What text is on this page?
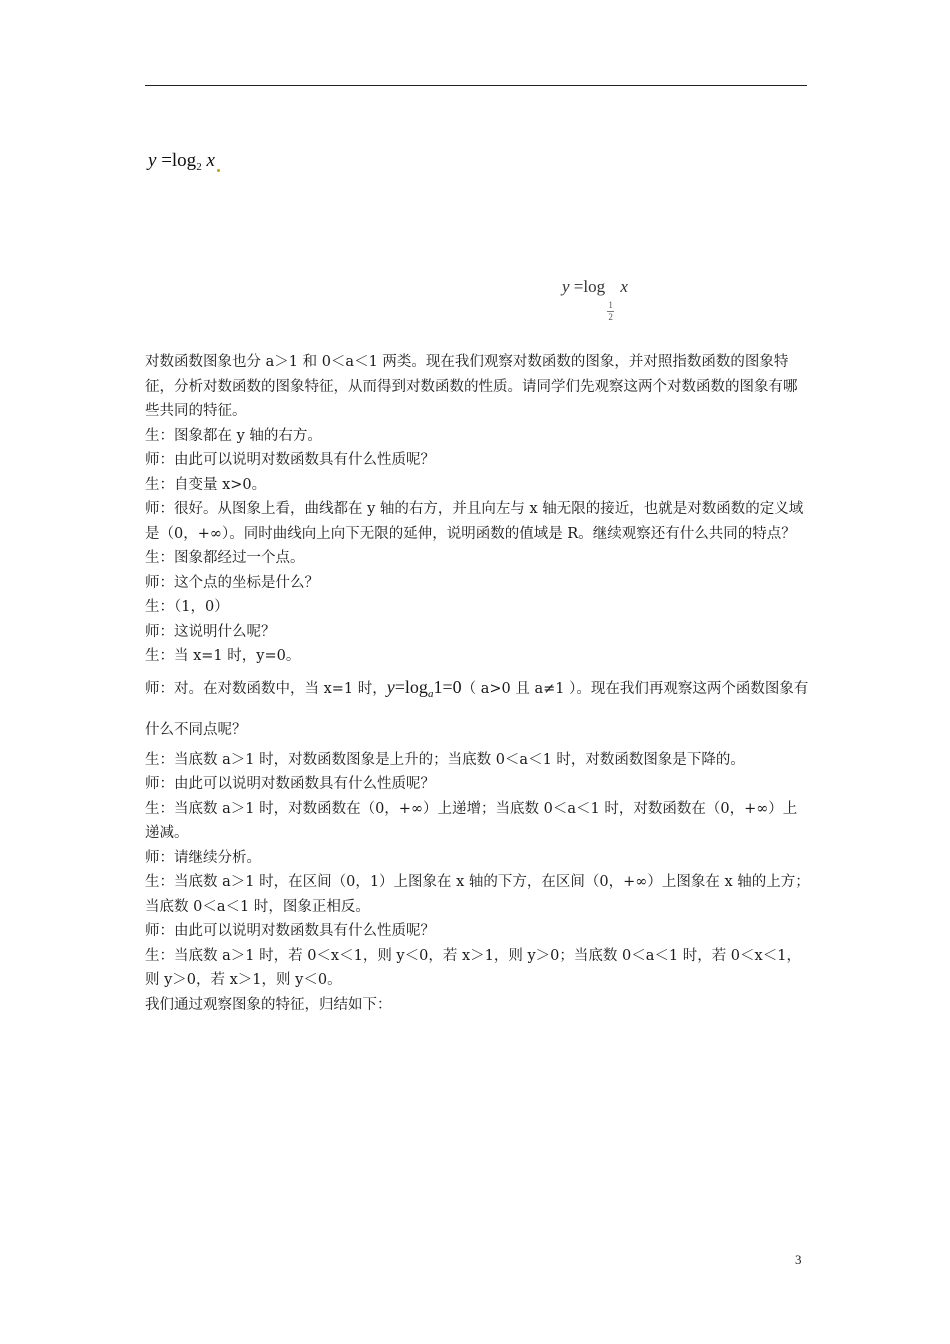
$y =\log_2$ x
y =log
$\frac{1}{2}$
x

对数函数图象也分 a＞1 和 0＜a＜1 两类。现在我们观察对数函数的图象，并对照指数函数的图象特征，分析对数函数的图象特征，从而得到对数函数的性质。请同学们先观察这两个对数函数的图象有哪些共同的特征。

生：图象都在 y 轴的右方。

师：由此可以说明对数函数具有什么性质呢？

生：自变量 x>0。

师：很好。从图象上看，曲线都在 y 轴的右方，并且向左与 x 轴无限的接近，也就是对数函数的定义域是（0，+∞）。同时曲线向上向下无限的延伸，说明函数的值域是 R。继续观察还有什么共同的特点？

生：图象都经过一个点。

师：这个点的坐标是什么？

生：（1，0）

师：这说明什么呢？

生：当 x=1 时，y=0。

师：对。在对数函数中，当 x=1 时，$y=\log_a1=0$（ a>0 且 a≠1 ）。现在我们再观察这两个函数图象有什么不同点呢？

生：当底数 a＞1 时，对数函数图象是上升的；当底数 0＜a＜1 时，对数函数图象是下降的。

师：由此可以说明对数函数具有什么性质呢？

生：当底数 a＞1 时，对数函数在（0，+∞）上递增；当底数 0＜a＜1 时，对数函数在（0，+∞）上递减。

师：请继续分析。

生：当底数 a＞1 时，在区间（0，1）上图象在 x 轴的下方，在区间（0，+∞）上图象在 x 轴的上方；当底数 0＜a＜1 时，图象正相反。

师：由此可以说明对数函数具有什么性质呢？

生：当底数 a＞1 时，若 0＜x＜1，则 y＜0，若 x＞1，则 y＞0；当底数 0＜a＜1 时，若 0＜x＜1，则 y＞0，若 x＞1，则 y＜0。

我们通过观察图象的特征，归结如下：

3
